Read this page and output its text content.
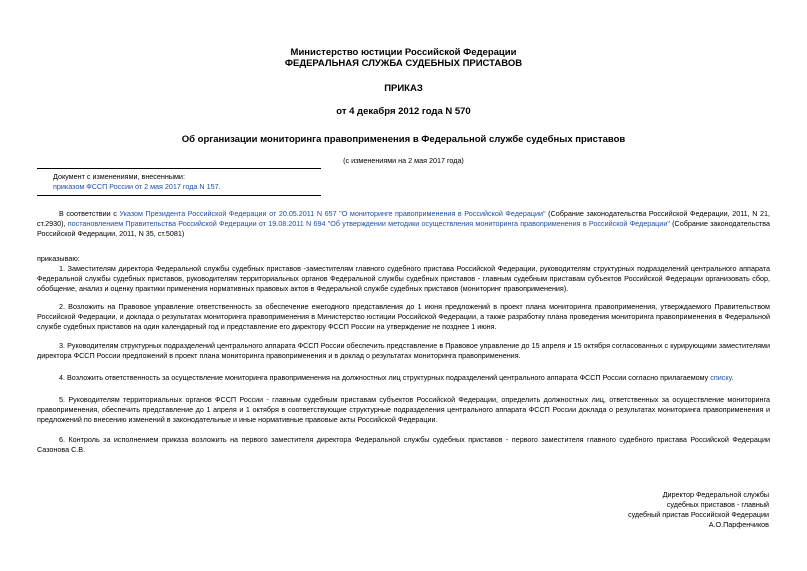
Министерство юстиции Российской Федерации
ФЕДЕРАЛЬНАЯ СЛУЖБА СУДЕБНЫХ ПРИСТАВОВ
ПРИКАЗ
от 4 декабря 2012 года N 570
Об организации мониторинга правоприменения в Федеральной службе судебных приставов
(с изменениями на 2 мая 2017 года)
Документ с изменениями, внесенными:
приказом ФССП России от 2 мая 2017 года N 157.
В соответствии с Указом Президента Российской Федерации от 20.05.2011 N 657 "О мониторинге правоприменения в Российской Федерации" (Собрание законодательства Российской Федерации, 2011, N 21, ст.2930), постановлением Правительства Российской Федерации от 19.08.2011 N 694 "Об утверждении методики осуществления мониторинга правоприменения в Российской Федерации" (Собрание законодательства Российской Федерации, 2011, N 35, ст.5081)
приказываю:
1. Заместителям директора Федеральной службы судебных приставов -заместителям главного судебного пристава Российской Федерации, руководителям структурных подразделений центрального аппарата Федеральной службы судебных приставов, руководителям территориальных органов Федеральной службы судебных приставов - главным судебным приставам субъектов Российской Федерации организовать сбор, обобщение, анализ и оценку практики применения нормативных правовых актов в Федеральной службе судебных приставов (мониторинг правоприменения).
2. Возложить на Правовое управление ответственность за обеспечение ежегодного представления до 1 июня предложений в проект плана мониторинга правоприменения, утверждаемого Правительством Российской Федерации, и доклада о результатах мониторинга правоприменения в Министерство юстиции Российской Федерации, а также разработку плана проведения мониторинга правоприменения в Федеральной службе судебных приставов на один календарный год и представление его директору ФССП России на утверждение не позднее 1 июня.
3. Руководителям структурных подразделений центрального аппарата ФССП России обеспечить представление в Правовое управление до 15 апреля и 15 октября согласованных с курирующими заместителями директора ФССП России предложений в проект плана мониторинга правоприменения и в доклад о результатах мониторинга правоприменения.
4. Возложить ответственность за осуществление мониторинга правоприменения на должностных лиц структурных подразделений центрального аппарата ФССП России согласно прилагаемому списку.
5. Руководителям территориальных органов ФССП России - главным судебным приставам субъектов Российской Федерации, определить должностных лиц, ответственных за осуществление мониторинга правоприменения, обеспечить представление до 1 апреля и 1 октября в соответствующие структурные подразделения центрального аппарата ФССП России доклада о результатах мониторинга правоприменения и предложений по внесению изменений в законодательные и иные нормативные правовые акты Российской Федерации.
6. Контроль за исполнением приказа возложить на первого заместителя директора Федеральной службы судебных приставов - первого заместителя главного судебного пристава Российской Федерации Сазонова С.В.
Директор Федеральной службы
судебных приставов - главный
судебный пристав Российской Федерации
А.О.Парфенчиков
